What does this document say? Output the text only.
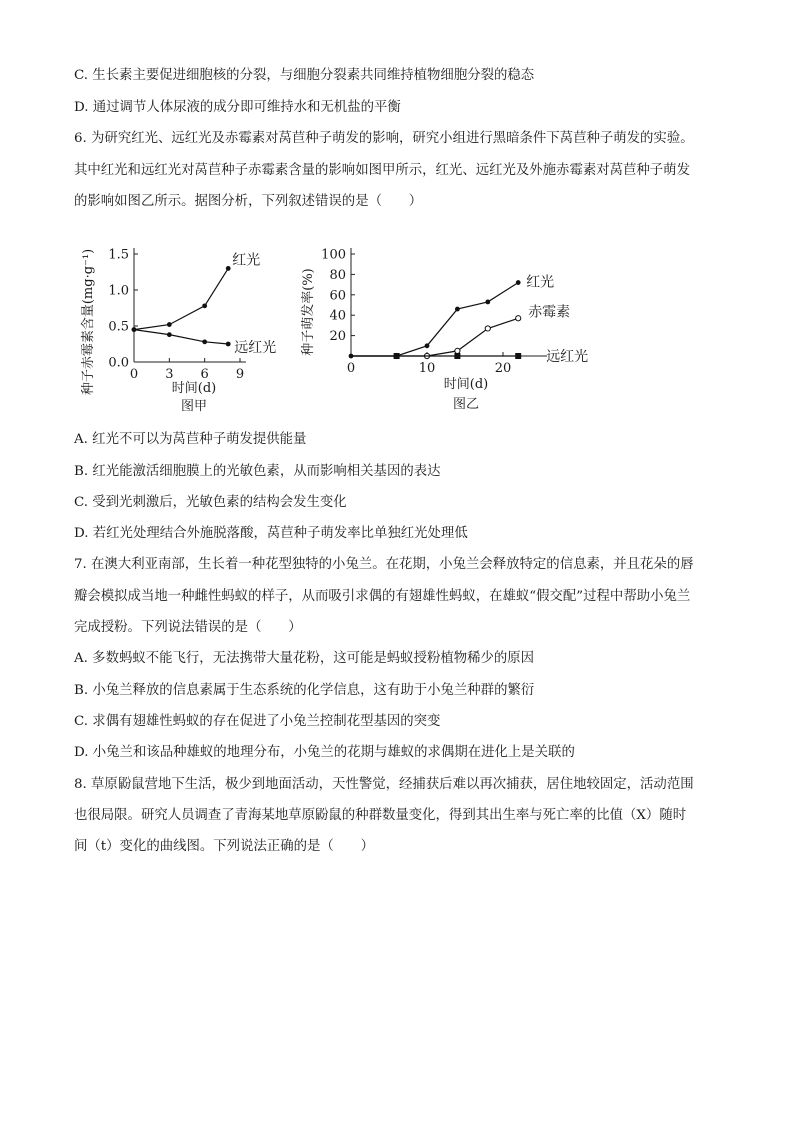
C. 生长素主要促进细胞核的分裂，与细胞分裂素共同维持植物细胞分裂的稳态
D. 通过调节人体尿液的成分即可维持水和无机盐的平衡
6. 为研究红光、远红光及赤霉素对莴苣种子萌发的影响，研究小组进行黑暗条件下莴苣种子萌发的实验。
其中红光和远红光对莴苣种子赤霉素含量的影响如图甲所示，红光、远红光及外施赤霉素对莴苣种子萌发
的影响如图乙所示。据图分析，下列叙述错误的是（　　）
0.0
0.5
1.0
1.5
0 3 6 9
红光
远红光
种子赤霉素含量(mg·g⁻¹)	时间(d)
图甲
20
40
60
80
100
0	10	20
红光
赤霉素
远红光
种子萌发率(%)
时间(d)
图乙
A. 红光不可以为莴苣种子萌发提供能量
B. 红光能激活细胞膜上的光敏色素，从而影响相关基因的表达
C. 受到光刺激后，光敏色素的结构会发生变化
D. 若红光处理结合外施脱落酸，莴苣种子萌发率比单独红光处理低
7. 在澳大利亚南部，生长着一种花型独特的小兔兰。在花期，小兔兰会释放特定的信息素，并且花朵的唇
瓣会模拟成当地一种雌性蚂蚁的样子，从而吸引求偶的有翅雄性蚂蚁，在雄蚁“假交配”过程中帮助小兔兰
完成授粉。下列说法错误的是（　　）
A. 多数蚂蚁不能飞行，无法携带大量花粉，这可能是蚂蚁授粉植物稀少的原因
B. 小兔兰释放的信息素属于生态系统的化学信息，这有助于小兔兰种群的繁衍
C. 求偶有翅雄性蚂蚁的存在促进了小兔兰控制花型基因的突变
D. 小兔兰和该品种雄蚁的地理分布，小兔兰的花期与雄蚁的求偶期在进化上是关联的
8. 草原鼢鼠营地下生活，极少到地面活动，天性警觉，经捕获后难以再次捕获，居住地较固定，活动范围
也很局限。研究人员调查了青海某地草原鼢鼠的种群数量变化，得到其出生率与死亡率的比值（X）随时
间（t）变化的曲线图。下列说法正确的是（　　）
